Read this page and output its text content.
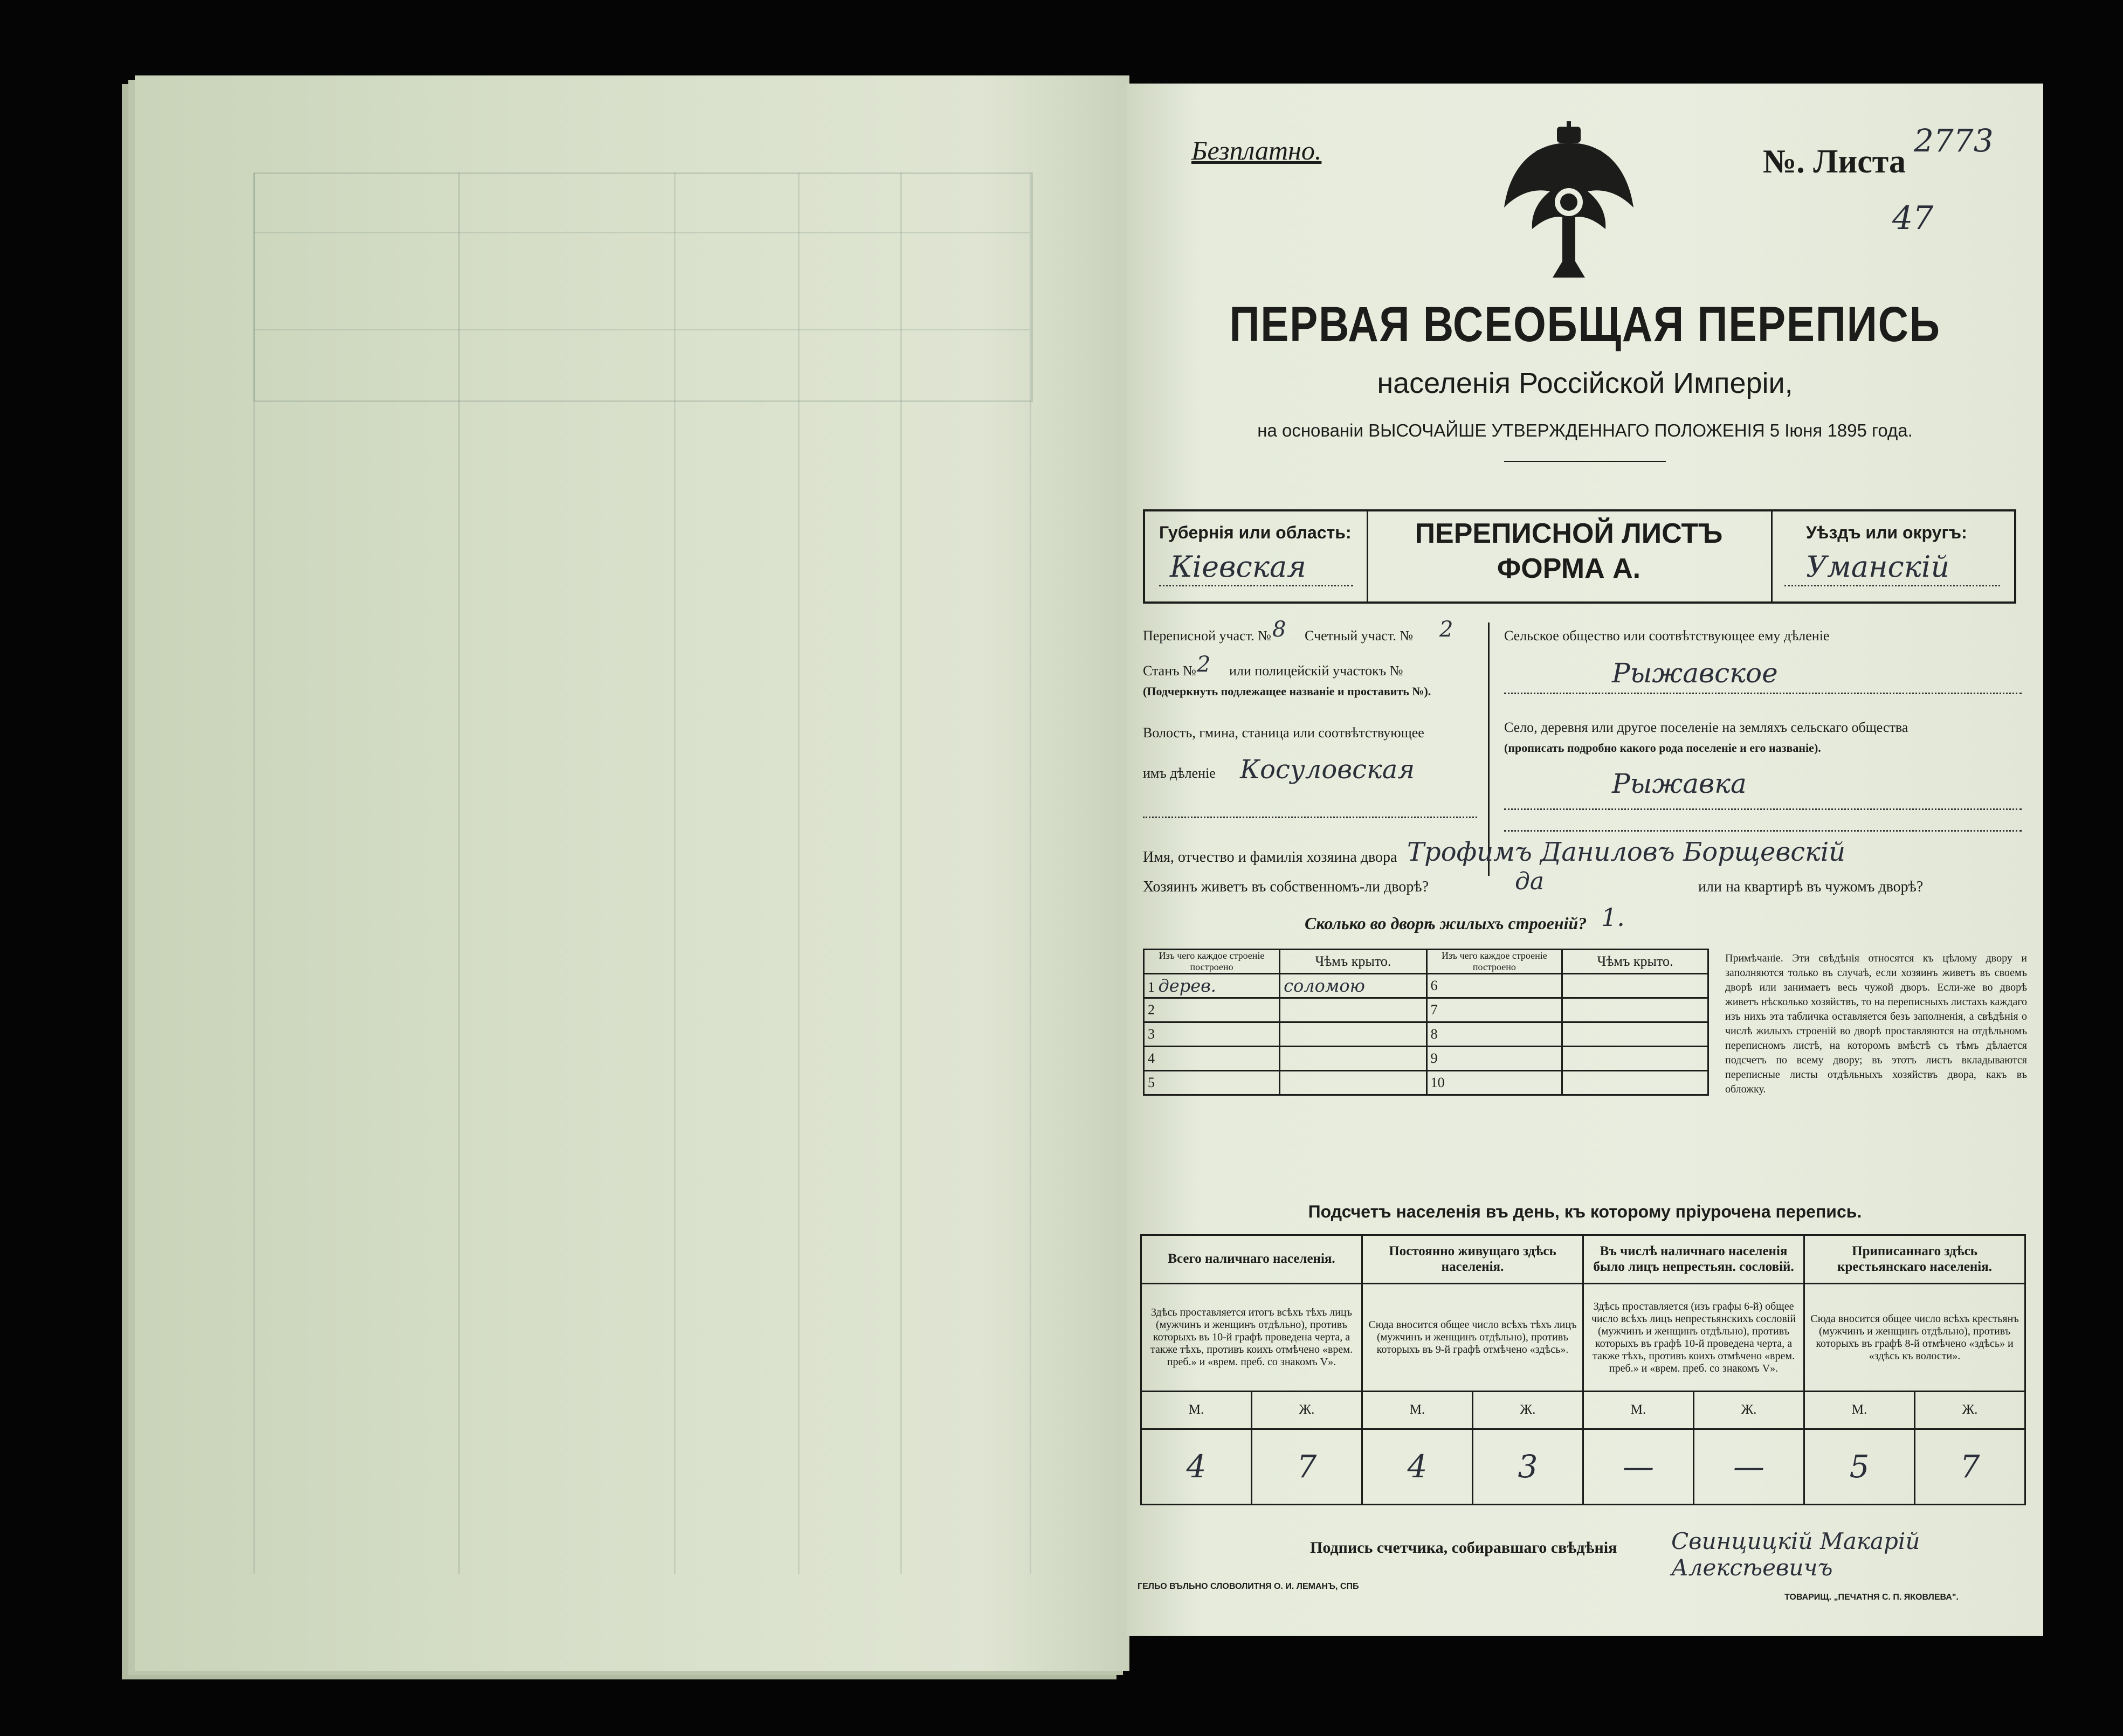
Безплатно.	№. Листа
2773
47
ПЕРВАЯ ВСЕОБЩАЯ ПЕРЕПИСЬ
населенія Россійской Имперіи,
на основаніи ВЫСОЧАЙШЕ УТВЕРЖДЕННАГО ПОЛОЖЕНІЯ 5 Іюня 1895 года.
Губернія или область:
Кіевская
ПЕРЕПИСНОЙ ЛИСТЪ
ФОРМА А.
Уѣздъ или округъ:
Уманскій
Переписной участ. № 8 Счетный участ. № 2
Станъ № 2 или полицейскій участокъ №
(Подчеркнуть подлежащее названіе и проставить №).
Волость, гмина, станица или соотвѣтствующее
имъ дѣленіе Косуловская
Сельское общество или соотвѣтствующее ему дѣленіе
Рыжавское
Село, деревня или другое поселеніе на земляхъ сельскаго общества
(прописать подробно какого рода поселеніе и его названіе).
Рыжавка
Имя, отчество и фамилія хозяина двора Трофимъ Даниловъ Борщевскій
Хозяинъ живетъ въ собственномъ-ли дворѣ?	да	или на квартирѣ въ чужомъ дворѣ?
Сколько во дворѣ жилыхъ строеній? 1.
Изъ чего каждое строеніе построено	Чѣмъ крыто.	Изъ чего каждое строеніе построено	Чѣмъ крыто.
1 дерев.	соломою	6	
2		7	
3		8	
4		9	
5		10	
Примѣчаніе. Эти свѣдѣнія относятся къ цѣлому двору и заполняются только въ случаѣ, если хозяинъ живетъ въ своемъ дворѣ или занимаетъ весь чужой дворъ. Если-же во дворѣ живетъ нѣсколько хозяйствъ, то на переписныхъ листахъ каждаго изъ нихъ эта табличка оставляется безъ заполненія, а свѣдѣнія о числѣ жилыхъ строеній во дворѣ проставляются на отдѣльномъ переписномъ листѣ, на которомъ вмѣстѣ съ тѣмъ дѣлается подсчетъ по всему двору; въ этотъ листъ вкладываются переписные листы отдѣльныхъ хозяйствъ двора, какъ въ обложку.
Подсчетъ населенія въ день, къ которому пріурочена перепись.
Всего наличнаго населенія.		Постоянно живущаго здѣсь населенія.		Въ числѣ наличнаго населенія было лицъ непрестьян. сословій.		Приписаннаго здѣсь крестьянскаго населенія.	
Здѣсь проставляется итогъ всѣхъ тѣхъ лицъ (мужчинъ и женщинъ отдѣльно), противъ которыхъ въ 10-й графѣ проведена черта, а также тѣхъ, противъ коихъ отмѣчено «врем. преб.» и «врем. преб. со знакомъ V».		Сюда вносится общее число всѣхъ тѣхъ лицъ (мужчинъ и женщинъ отдѣльно), противъ которыхъ въ 9-й графѣ отмѣчено «здѣсь».		Здѣсь проставляется (изъ графы 6-й) общее число всѣхъ лицъ непрестьянскихъ сословій (мужчинъ и женщинъ отдѣльно), противъ которыхъ въ графѣ 10-й проведена черта, а также тѣхъ, противъ коихъ отмѣчено «врем. преб.» и «врем. преб. со знакомъ V».		Сюда вносится общее число всѣхъ крестьянъ (мужчинъ и женщинъ отдѣльно), противъ которыхъ въ графѣ 8-й отмѣчено «здѣсь» и «здѣсь къ волости».	
М.	Ж.	М.	Ж.	М.	Ж.	М.	Ж.
4	7	4	3	—	—	5	7
Подпись счетчика, собиравшаго свѣдѣнія Свинцицкій Макарій Алексѣевичъ
ГЕЛЬО ВЪЛЬНО СЛОВОЛИТНЯ О. И. ЛЕМАНЪ, СПБ
ТОВАРИЩ. „ПЕЧАТНЯ С. П. ЯКОВЛЕВА".
